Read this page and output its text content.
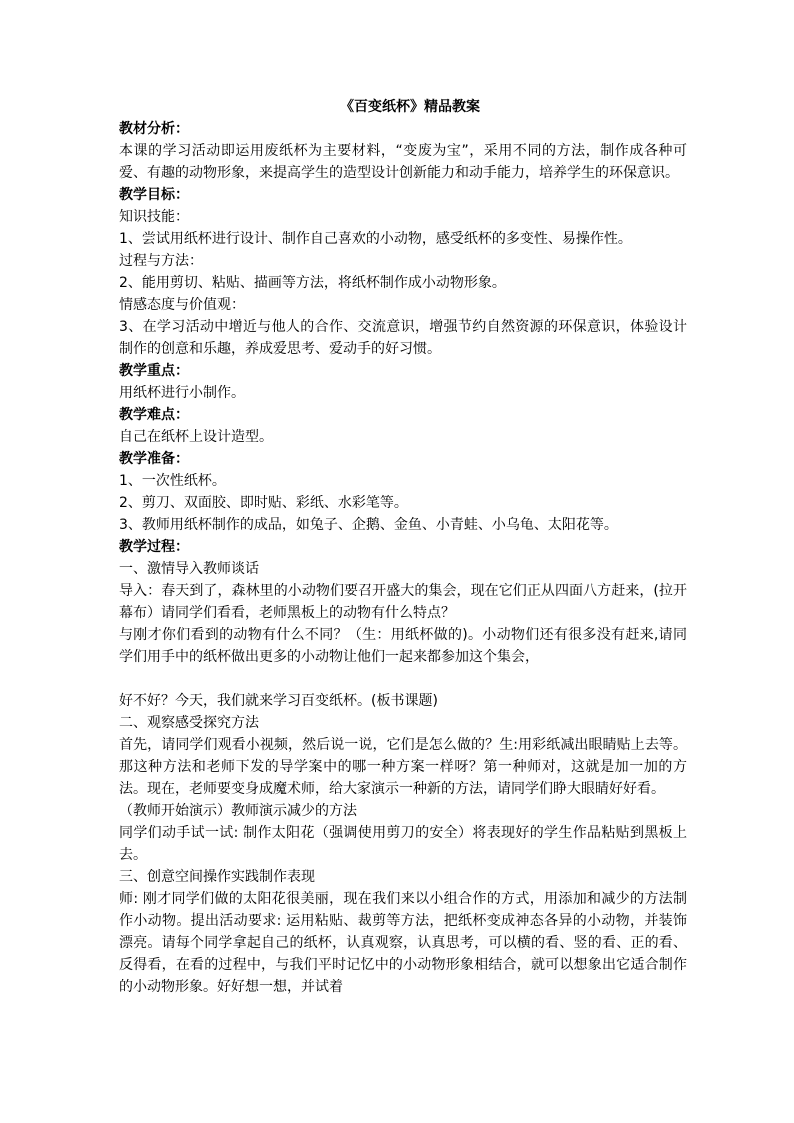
《百变纸杯》精品教案

教材分析：

本课的学习活动即运用废纸杯为主要材料，“变废为宝”，采用不同的方法，制作成各种可爱、有趣的动物形象，来提高学生的造型设计创新能力和动手能力，培养学生的环保意识。

教学目标：

知识技能：

1、尝试用纸杯进行设计、制作自己喜欢的小动物，感受纸杯的多变性、易操作性。

过程与方法：

2、能用剪切、粘贴、描画等方法，将纸杯制作成小动物形象。

情感态度与价值观：

3、在学习活动中增近与他人的合作、交流意识，增强节约自然资源的环保意识，体验设计制作的创意和乐趣，养成爱思考、爱动手的好习惯。

教学重点：

用纸杯进行小制作。

教学难点：

自己在纸杯上设计造型。

教学准备：

1、一次性纸杯。

2、剪刀、双面胶、即时贴、彩纸、水彩笔等。

3、教师用纸杯制作的成品，如兔子、企鹅、金鱼、小青蛙、小乌龟、太阳花等。

教学过程：

一、激情导入教师谈话

导入：春天到了，森林里的小动物们要召开盛大的集会，现在它们正从四面八方赶来，(拉开幕布）请同学们看看，老师黑板上的动物有什么特点？

与刚才你们看到的动物有什么不同？（生：用纸杯做的)。小动物们还有很多没有赶来,请同学们用手中的纸杯做出更多的小动物让他们一起来都参加这个集会，

好不好？今天，我们就来学习百变纸杯。(板书课题)

二、观察感受探究方法

首先，请同学们观看小视频，然后说一说，它们是怎么做的？生:用彩纸减出眼睛贴上去等。那这种方法和老师下发的导学案中的哪一种方案一样呀？第一种师对，这就是加一加的方法。现在，老师要变身成魔术师，给大家演示一种新的方法，请同学们睁大眼睛好好看。

（教师开始演示）教师演示减少的方法

同学们动手试一试: 制作太阳花（强调使用剪刀的安全）将表现好的学生作品粘贴到黑板上去。

三、创意空间操作实践制作表现

师: 刚才同学们做的太阳花很美丽，现在我们来以小组合作的方式，用添加和减少的方法制作小动物。提出活动要求: 运用粘贴、裁剪等方法，把纸杯变成神态各异的小动物，并装饰漂亮。请每个同学拿起自己的纸杯，认真观察，认真思考，可以横的看、竖的看、正的看、反得看，在看的过程中，与我们平时记忆中的小动物形象相结合，就可以想象出它适合制作的小动物形象。好好想一想，并试着
